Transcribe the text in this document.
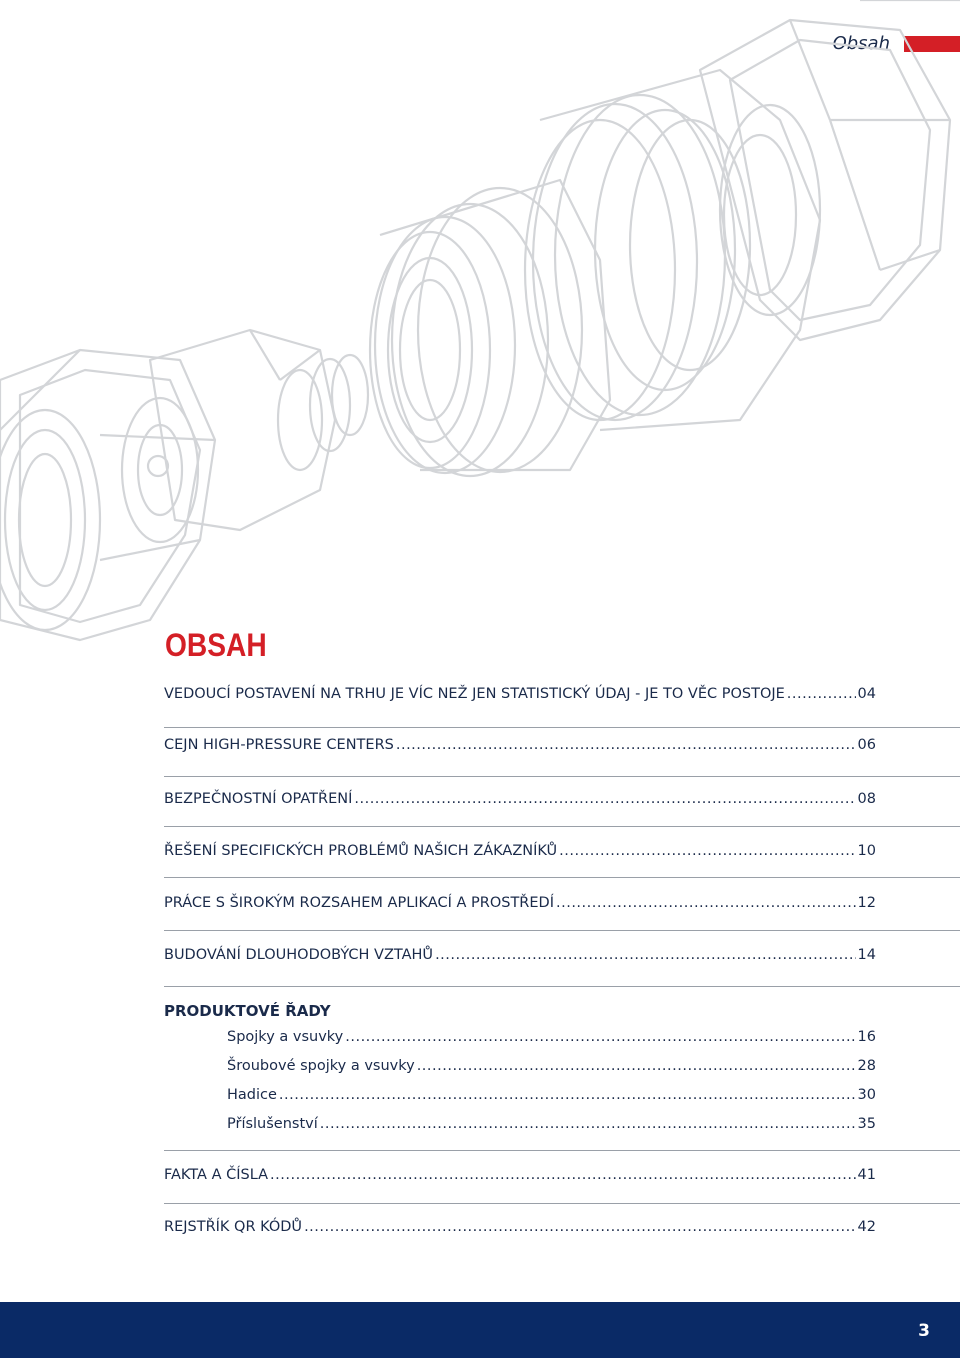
Obsah
OBSAH
VEDOUCÍ POSTAVENÍ NA TRHU JE VÍC NEŽ JEN STATISTICKÝ ÚDAJ - JE TO VĚC POSTOJE .....	04
CEJN HIGH-PRESSURE CENTERS .....	06
BEZPEČNOSTNÍ OPATŘENÍ .....	08
ŘEŠENÍ SPECIFICKÝCH PROBLÉMŮ NAŠICH ZÁKAZNÍKŮ .....	10
PRÁCE S ŠIROKÝM ROZSAHEM APLIKACÍ A PROSTŘEDÍ .....	12
BUDOVÁNÍ DLOUHODOBÝCH VZTAHŮ .....	14
PRODUKTOVÉ ŘADY
Spojky a vsuvky .....	16
Šroubové spojky a vsuvky .....	28
Hadice .....	30
Příslušenství .....	35
FAKTA A ČÍSLA .....	41
REJSTŘÍK QR KÓDŮ .....	42
3
